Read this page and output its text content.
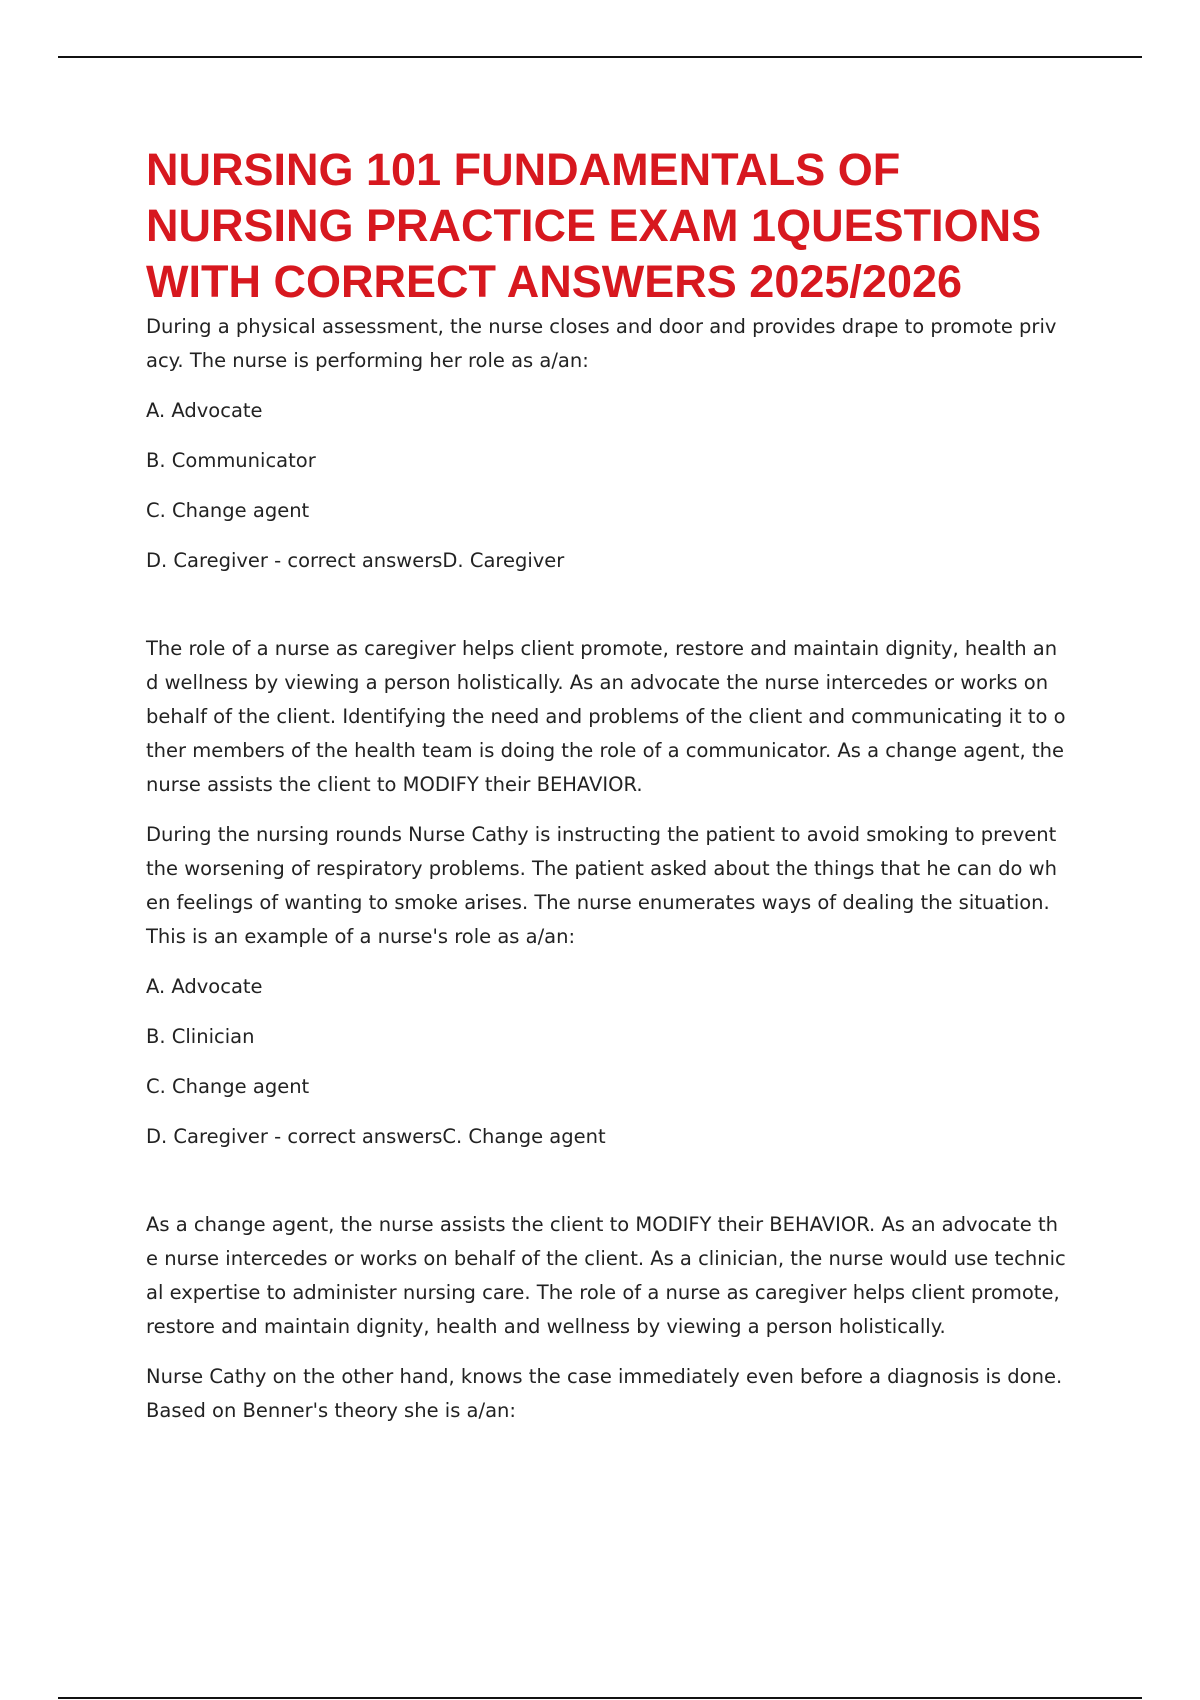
NURSING 101 FUNDAMENTALS OF NURSING PRACTICE EXAM 1QUESTIONS WITH CORRECT ANSWERS 2025/2026

During a physical assessment, the nurse closes and door and provides drape to promote privacy. The nurse is performing her role as a/an:

A. Advocate

B. Communicator

C. Change agent

D. Caregiver - correct answersD. Caregiver

The role of a nurse as caregiver helps client promote, restore and maintain dignity, health and wellness by viewing a person holistically. As an advocate the nurse intercedes or works on behalf of the client. Identifying the need and problems of the client and communicating it to other members of the health team is doing the role of a communicator. As a change agent, the nurse assists the client to MODIFY their BEHAVIOR.

During the nursing rounds Nurse Cathy is instructing the patient to avoid smoking to prevent the worsening of respiratory problems. The patient asked about the things that he can do when feelings of wanting to smoke arises. The nurse enumerates ways of dealing the situation. This is an example of a nurse's role as a/an:

A. Advocate

B. Clinician

C. Change agent

D. Caregiver - correct answersC. Change agent

As a change agent, the nurse assists the client to MODIFY their BEHAVIOR. As an advocate the nurse intercedes or works on behalf of the client. As a clinician, the nurse would use technical expertise to administer nursing care. The role of a nurse as caregiver helps client promote, restore and maintain dignity, health and wellness by viewing a person holistically.

Nurse Cathy on the other hand, knows the case immediately even before a diagnosis is done. Based on Benner's theory she is a/an:
